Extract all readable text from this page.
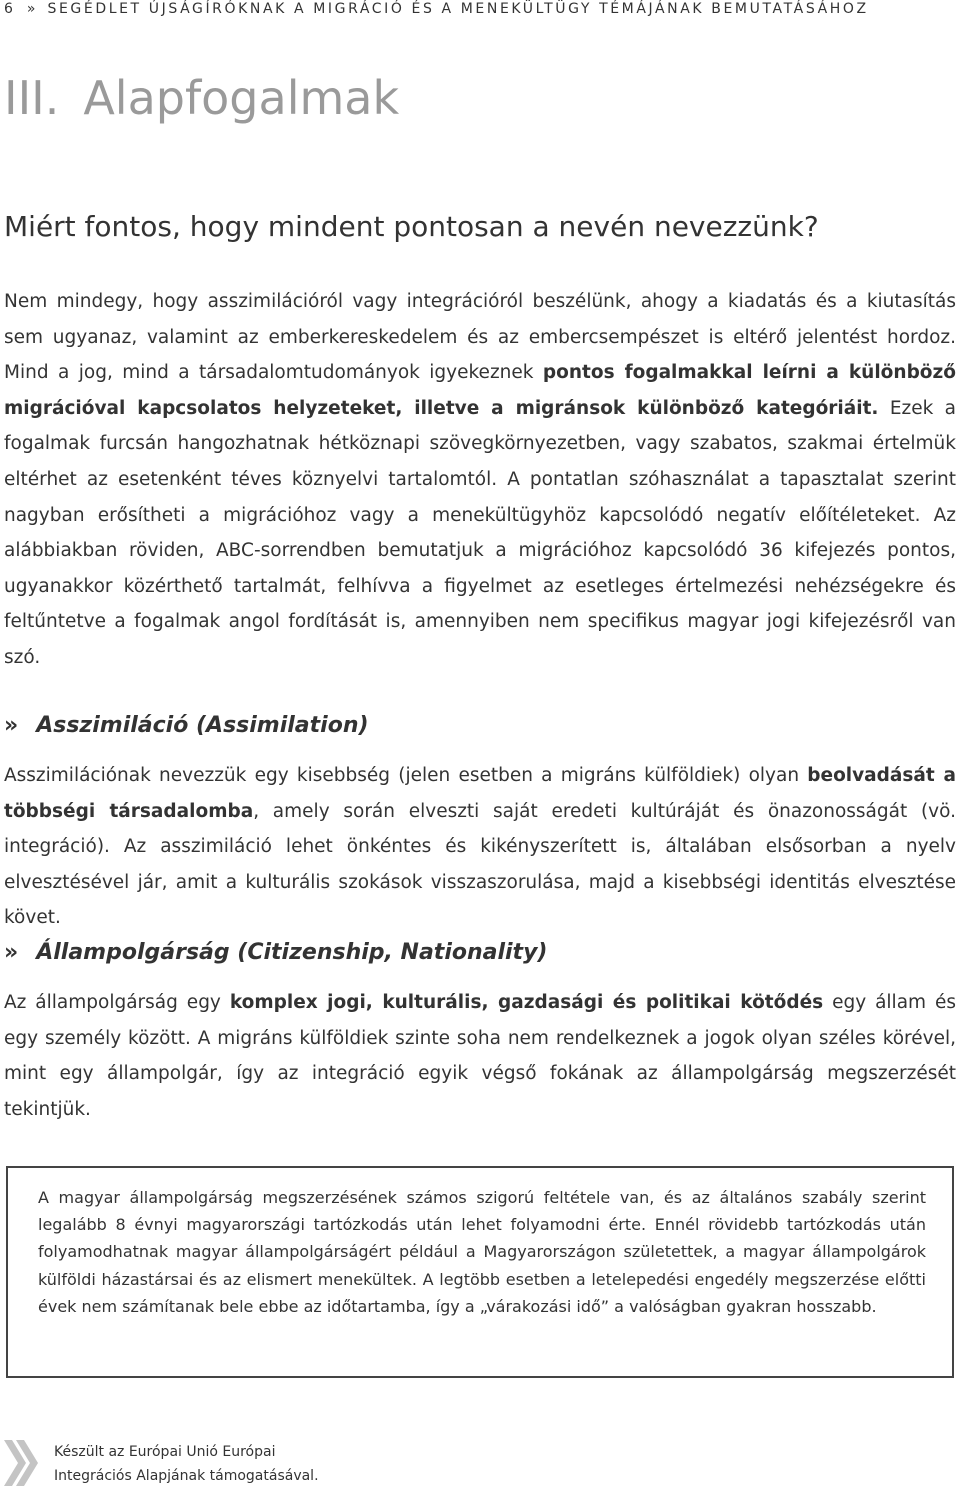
6 » SEGÉDLET ÚJSÁGÍRÓKNAK A MIGRÁCIÓ ÉS A MENEKÜLTÜGY TÉMÁJÁNAK BEMUTATÁSÁHOZ
III. Alapfogalmak
Miért fontos, hogy mindent pontosan a nevén nevezzünk?

Nem mindegy, hogy asszimilációról vagy integrációról beszélünk, ahogy a kiadatás és a kiutasítás sem ugyanaz, valamint az emberkereskedelem és az embercsempészet is eltérő jelentést hordoz. Mind a jog, mind a társadalomtudományok igyekeznek pontos fogalmakkal leírni a különböző migrációval kapcsolatos helyzeteket, illetve a migránsok különböző kategóriáit. Ezek a fogalmak furcsán hangozhatnak hétköznapi szövegkörnyezetben, vagy szabatos, szakmai értelmük eltérhet az esetenként téves köznyelvi tartalomtól. A pontatlan szóhasználat a tapasztalat szerint nagyban erősítheti a migrációhoz vagy a menekültügyhöz kapcsolódó negatív előítéleteket. Az alábbiakban röviden, ABC-sorrendben bemutatjuk a migrációhoz kapcsolódó 36 kifejezés pontos, ugyanakkor közérthető tartalmát, felhívva a figyelmet az esetleges értelmezési nehézségekre és feltűntetve a fogalmak angol fordítását is, amennyiben nem specifikus magyar jogi kifejezésről van szó.

» Asszimiláció (Assimilation)

Asszimilációnak nevezzük egy kisebbség (jelen esetben a migráns külföldiek) olyan beolvadását a többségi társadalomba, amely során elveszti saját eredeti kultúráját és önazonosságát (vö. integráció). Az asszimiláció lehet önkéntes és kikényszerített is, általában elsősorban a nyelv elvesztésével jár, amit a kulturális szokások visszaszorulása, majd a kisebbségi identitás elvesztése követ.

» Állampolgárság (Citizenship, Nationality)

Az állampolgárság egy komplex jogi, kulturális, gazdasági és politikai kötődés egy állam és egy személy között. A migráns külföldiek szinte soha nem rendelkeznek a jogok olyan széles körével, mint egy állampolgár, így az integráció egyik végső fokának az állampolgárság megszerzését tekintjük.

A magyar állampolgárság megszerzésének számos szigorú feltétele van, és az általános szabály szerint legalább 8 évnyi magyarországi tartózkodás után lehet folyamodni érte. Ennél rövidebb tartózkodás után folyamodhatnak magyar állampolgárságért például a Magyarországon születettek, a magyar állampolgárok külföldi házastársai és az elismert menekültek. A legtöbb esetben a letelepedési engedély megszerzése előtti évek nem számítanak bele ebbe az időtartamba, így a „várakozási idő” a valóságban gyakran hosszabb.

Készült az Európai Unió Európai
Integrációs Alapjának támogatásával.
